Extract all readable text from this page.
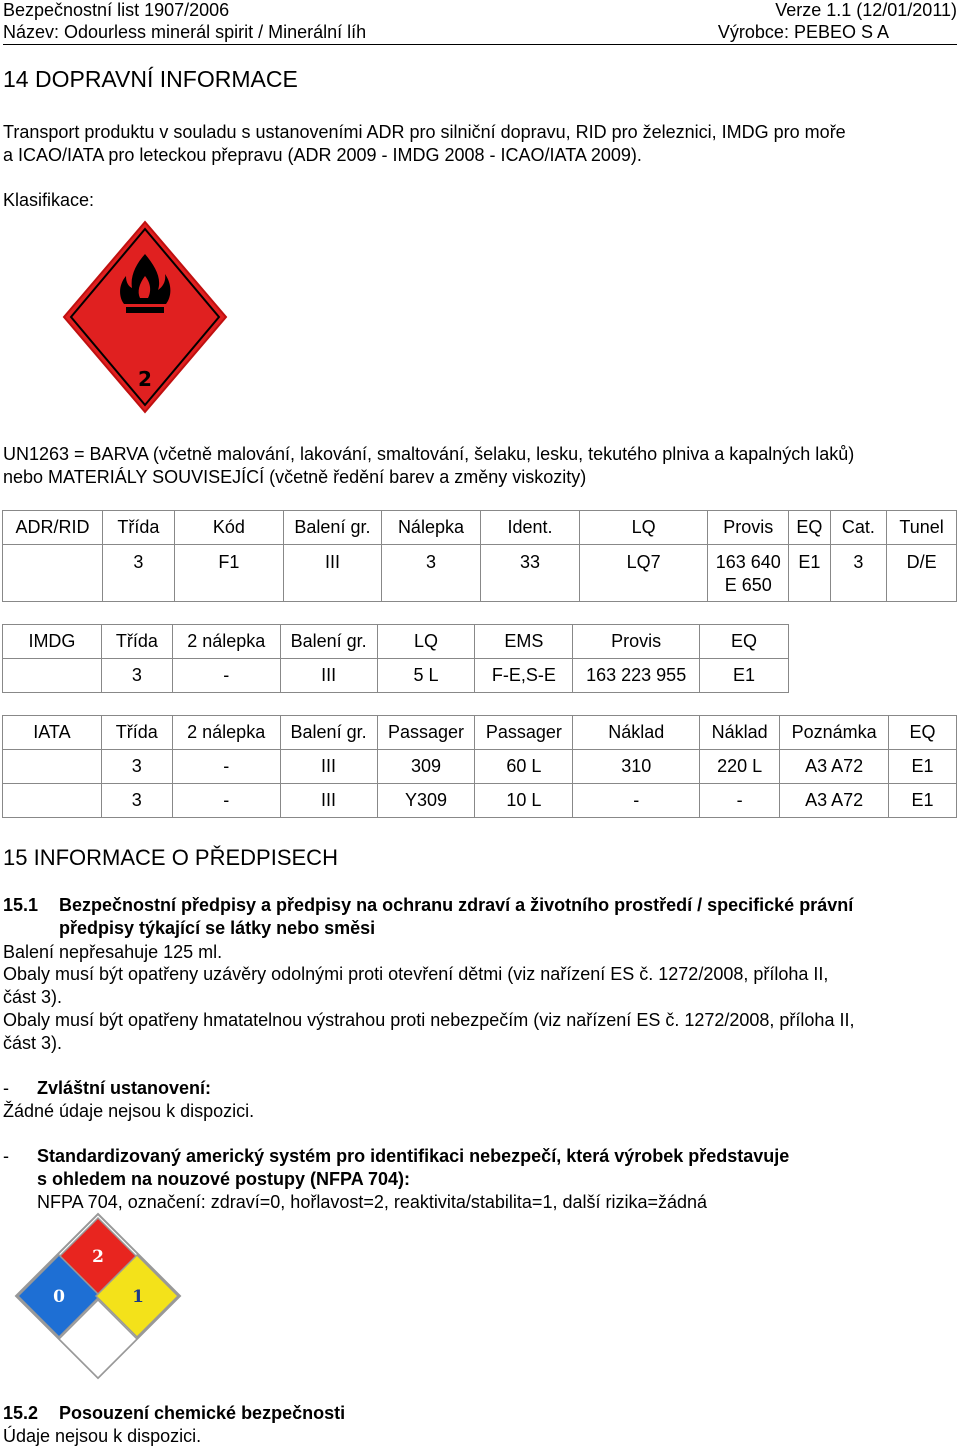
Bezpečnostní list 1907/2006	Verze 1.1 (12/01/2011)
Název: Odourless minerál spirit / Minerální líh	Výrobce: PEBEO S A
14 DOPRAVNÍ INFORMACE
Transport produktu v souladu s ustanoveními ADR pro silniční dopravu, RID pro železnici, IMDG pro moře
a ICAO/IATA pro leteckou přepravu (ADR 2009 - IMDG 2008 - ICAO/IATA 2009).
Klasifikace:
2
UN1263 = BARVA (včetně malování, lakování, smaltování, šelaku, lesku, tekutého plniva a kapalných laků)
nebo MATERIÁLY SOUVISEJÍCÍ (včetně ředění barev a změny viskozity)
ADR/RID	Třída	Kód	Balení gr.	Nálepka	Ident.	LQ	Provis	EQ	Cat.	Tunel
	3	F1	III	3	33	LQ7	163 640
E 650	E1	3	D/E
IMDG	Třída	2 nálepka	Balení gr.	LQ	EMS	Provis	EQ
	3	-	III	5 L	F-E,S-E	163 223 955	E1
IATA	Třída	2 nálepka	Balení gr.	Passager	Passager	Náklad	Náklad	Poznámka	EQ
	3	-	III	309	60 L	310	220 L	A3 A72	E1
	3	-	III	Y309	10 L	-	-	A3 A72	E1
15 INFORMACE O PŘEDPISECH
15.1 Bezpečnostní předpisy a předpisy na ochranu zdraví a životního prostředí / specifické právní
předpisy týkající se látky nebo směsi
Balení nepřesahuje 125 ml.
Obaly musí být opatřeny uzávěry odolnými proti otevření dětmi (viz nařízení ES č. 1272/2008, příloha II,
část 3).
Obaly musí být opatřeny hmatatelnou výstrahou proti nebezpečím (viz nařízení ES č. 1272/2008, příloha II,
část 3).
- Zvláštní ustanovení:
Žádné údaje nejsou k dispozici.
- Standardizovaný americký systém pro identifikaci nebezpečí, která výrobek představuje
s ohledem na nouzové postupy (NFPA 704):
NFPA 704, označení: zdraví=0, hořlavost=2, reaktivita/stabilita=1, další rizika=žádná
2
0	1
15.2 Posouzení chemické bezpečnosti
Údaje nejsou k dispozici.
